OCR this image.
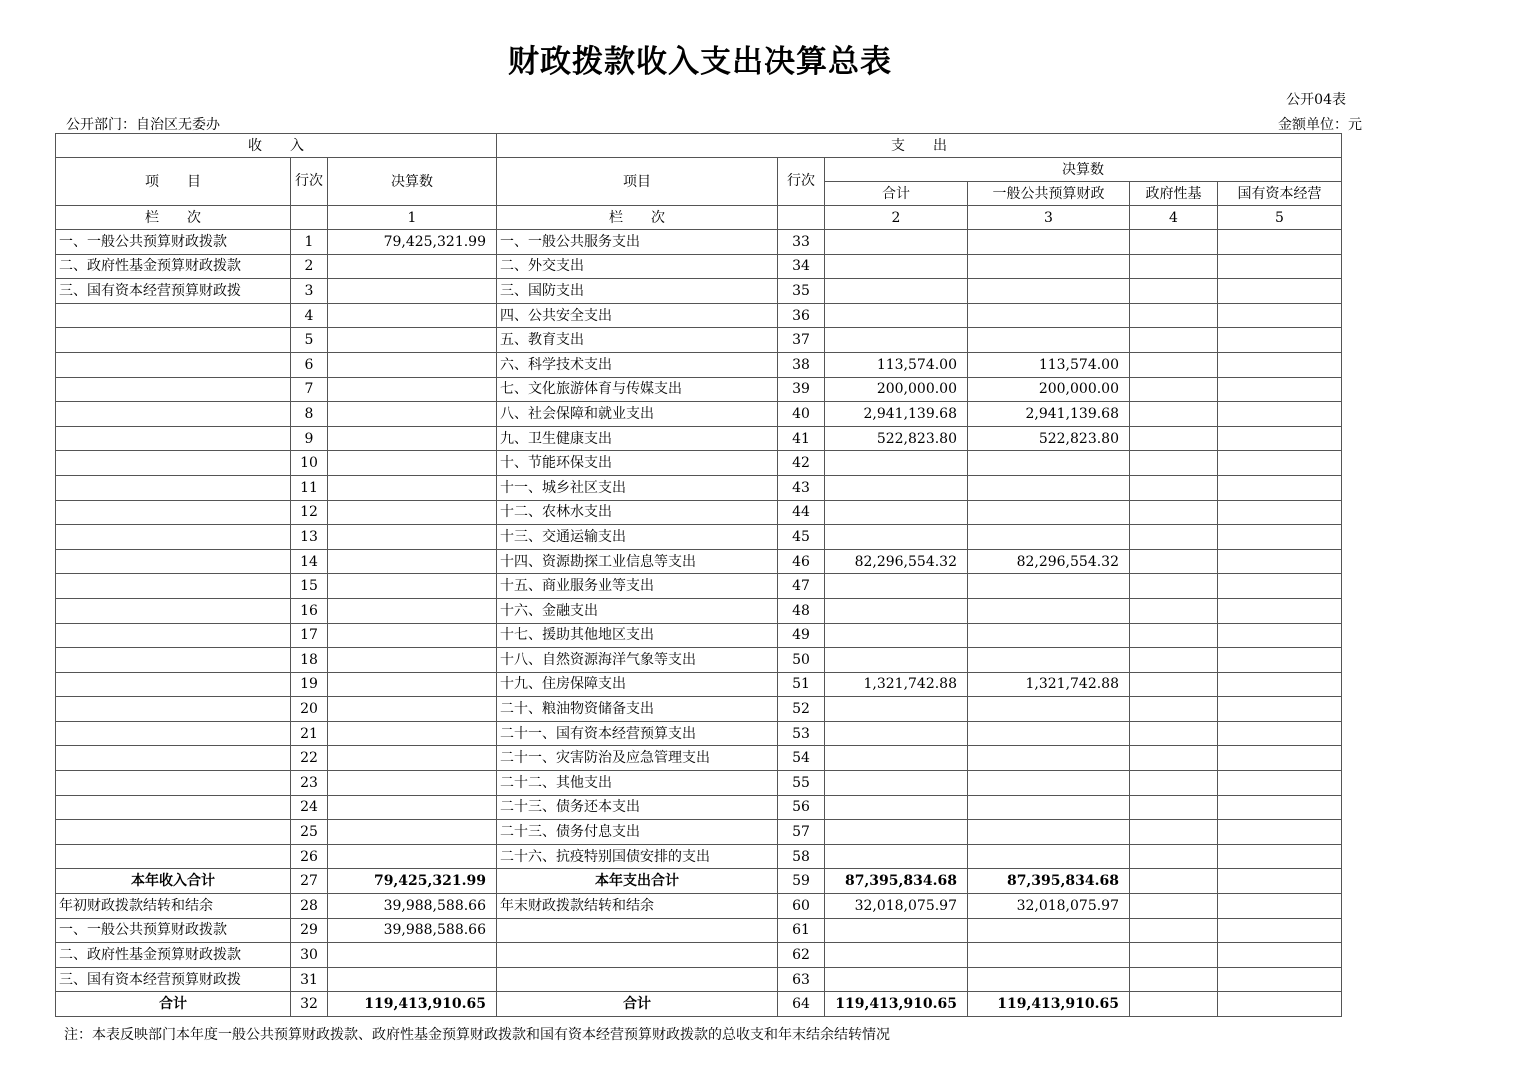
财政拨款收入支出决算总表
公开04表
公开部门：自治区无委办	金额单位：元
收　　入			支　　出					
项　　目	行次	决算数	项目	行次	决算数			
					合计	一般公共预算财政	政府性基	国有资本经营
栏　　次		1	栏　　次		2	3	4	5
一、一般公共预算财政拨款	1	79,425,321.99	一、一般公共服务支出	33				
二、政府性基金预算财政拨款	2		二、外交支出	34				
三、国有资本经营预算财政拨	3		三、国防支出	35				
	4		四、公共安全支出	36				
	5		五、教育支出	37				
	6		六、科学技术支出	38	113,574.00	113,574.00		
	7		七、文化旅游体育与传媒支出	39	200,000.00	200,000.00		
	8		八、社会保障和就业支出	40	2,941,139.68	2,941,139.68		
	9		九、卫生健康支出	41	522,823.80	522,823.80		
	10		十、节能环保支出	42				
	11		十一、城乡社区支出	43				
	12		十二、农林水支出	44				
	13		十三、交通运输支出	45				
	14		十四、资源勘探工业信息等支出	46	82,296,554.32	82,296,554.32		
	15		十五、商业服务业等支出	47				
	16		十六、金融支出	48				
	17		十七、援助其他地区支出	49				
	18		十八、自然资源海洋气象等支出	50				
	19		十九、住房保障支出	51	1,321,742.88	1,321,742.88		
	20		二十、粮油物资储备支出	52				
	21		二十一、国有资本经营预算支出	53				
	22		二十一、灾害防治及应急管理支出	54				
	23		二十二、其他支出	55				
	24		二十三、债务还本支出	56				
	25		二十三、债务付息支出	57				
	26		二十六、抗疫特别国债安排的支出	58				
本年收入合计	27	79,425,321.99	本年支出合计	59	87,395,834.68	87,395,834.68		
年初财政拨款结转和结余	28	39,988,588.66	年末财政拨款结转和结余	60	32,018,075.97	32,018,075.97		
一、一般公共预算财政拨款	29	39,988,588.66		61				
二、政府性基金预算财政拨款	30			62				
三、国有资本经营预算财政拨	31			63				
合计	32	119,413,910.65	合计	64	119,413,910.65	119,413,910.65		
注：本表反映部门本年度一般公共预算财政拨款、政府性基金预算财政拨款和国有资本经营预算财政拨款的总收支和年末结余结转情况
